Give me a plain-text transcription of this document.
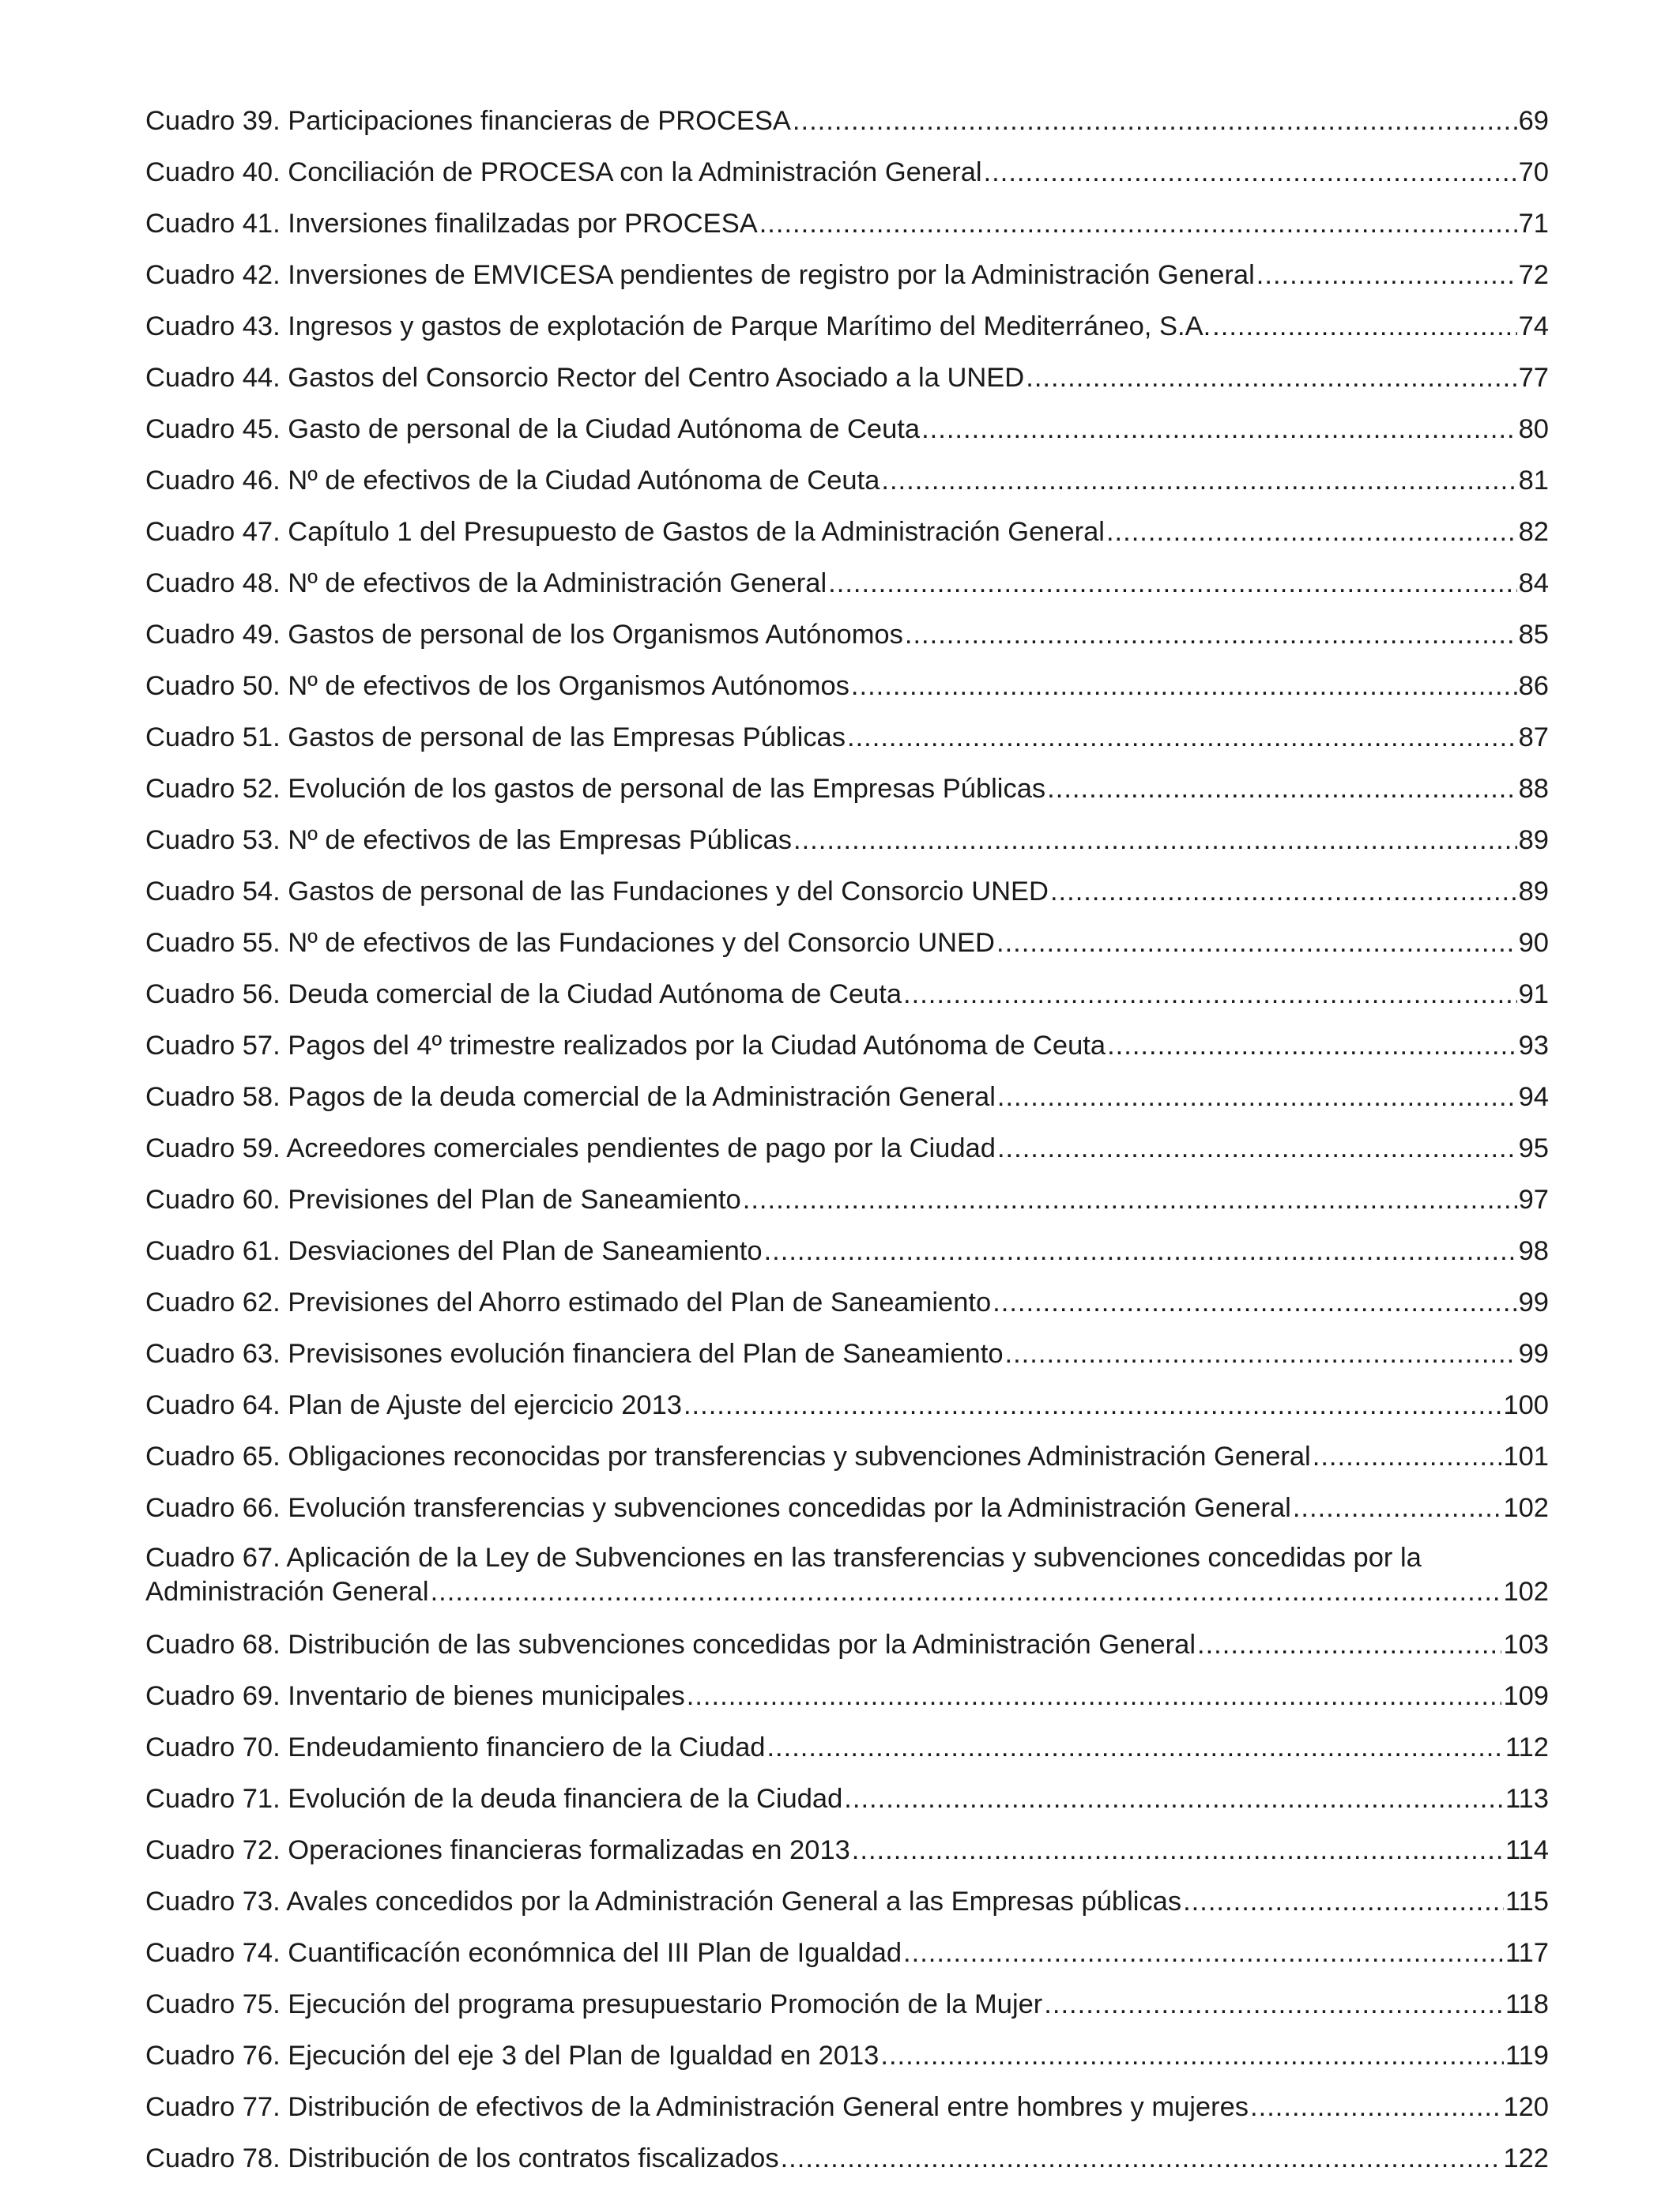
Cuadro 39. Participaciones financieras de PROCESA .....	69
Cuadro 40. Conciliación de PROCESA con la Administración General .....	70
Cuadro 41. Inversiones finalilzadas por PROCESA .....	71
Cuadro 42. Inversiones de EMVICESA pendientes de registro por la Administración General .....	72
Cuadro 43. Ingresos y gastos de explotación de Parque Marítimo del Mediterráneo, S.A. .....	74
Cuadro 44. Gastos del Consorcio Rector del Centro Asociado a la UNED .....	77
Cuadro 45. Gasto de personal de la Ciudad Autónoma de Ceuta .....	80
Cuadro 46. Nº de efectivos de la Ciudad Autónoma de Ceuta .....	81
Cuadro 47. Capítulo 1 del Presupuesto de Gastos de la Administración General .....	82
Cuadro 48. Nº de efectivos de la Administración General .....	84
Cuadro 49. Gastos de personal de los Organismos Autónomos .....	85
Cuadro 50. Nº de efectivos de los Organismos Autónomos .....	86
Cuadro 51. Gastos de personal de las Empresas Públicas .....	87
Cuadro 52. Evolución de los gastos de personal de las Empresas Públicas .....	88
Cuadro 53. Nº de efectivos de las Empresas Públicas .....	89
Cuadro 54. Gastos de personal de las Fundaciones y del Consorcio UNED .....	89
Cuadro 55. Nº de efectivos de las Fundaciones y del Consorcio UNED .....	90
Cuadro 56. Deuda comercial de la Ciudad Autónoma de Ceuta .....	91
Cuadro 57. Pagos del 4º trimestre realizados por la Ciudad Autónoma de Ceuta .....	93
Cuadro 58. Pagos de la deuda comercial de la Administración General .....	94
Cuadro 59. Acreedores comerciales pendientes de pago por la Ciudad .....	95
Cuadro 60. Previsiones del Plan de Saneamiento .....	97
Cuadro 61. Desviaciones del Plan de Saneamiento .....	98
Cuadro 62. Previsiones del Ahorro estimado del Plan de Saneamiento .....	99
Cuadro 63. Previsisones evolución financiera del Plan de Saneamiento .....	99
Cuadro 64. Plan de Ajuste del ejercicio 2013 .....	100
Cuadro 65. Obligaciones reconocidas por transferencias y subvenciones Administración General .....	101
Cuadro 66. Evolución transferencias y subvenciones concedidas por la Administración General .....	102
Cuadro 67. Aplicación de la Ley de Subvenciones en las transferencias y subvenciones concedidas por la
Administración General .....	102
Cuadro 68. Distribución de las subvenciones concedidas por la Administración General .....	103
Cuadro 69. Inventario de bienes municipales .....	109
Cuadro 70. Endeudamiento financiero de la Ciudad .....	112
Cuadro 71. Evolución de la deuda financiera de la Ciudad .....	113
Cuadro 72. Operaciones financieras formalizadas en 2013 .....	114
Cuadro 73. Avales concedidos por la Administración General a las Empresas públicas .....	115
Cuadro 74. Cuantificacíón económnica del III Plan de Igualdad .....	117
Cuadro 75. Ejecución del programa presupuestario Promoción de la Mujer .....	118
Cuadro 76. Ejecución del eje 3 del Plan de Igualdad en 2013 .....	119
Cuadro 77. Distribución de efectivos de la Administración General entre hombres y mujeres .....	120
Cuadro 78. Distribución de los contratos fiscalizados .....	122
